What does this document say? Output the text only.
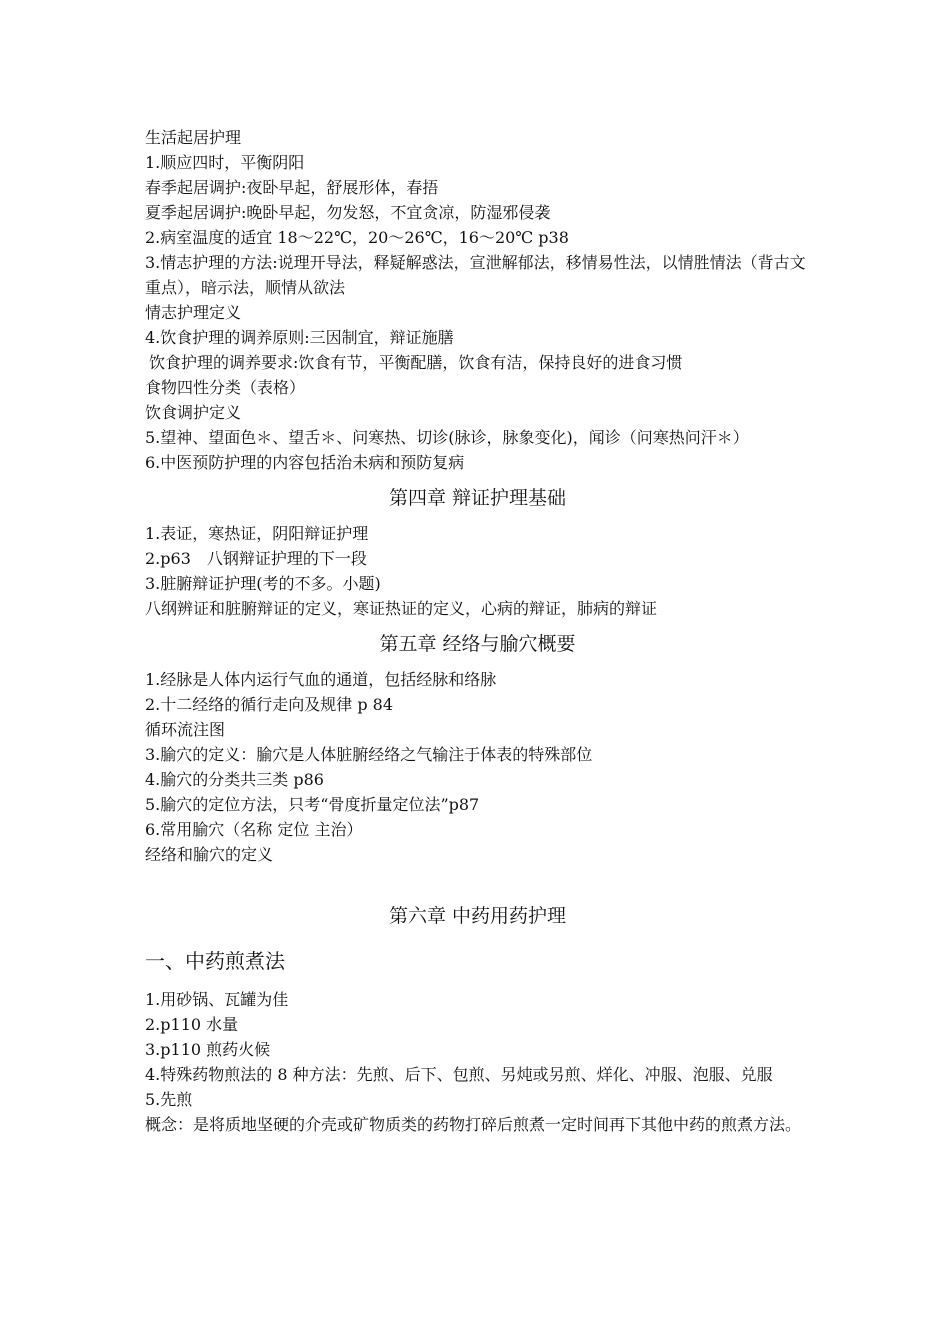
生活起居护理
1.顺应四时，平衡阴阳
春季起居调护:夜卧早起，舒展形体，春捂
夏季起居调护:晚卧早起，勿发怒，不宜贪凉，防湿邪侵袭
2.病室温度的适宜 18～22℃，20～26℃，16～20℃ p38
3.情志护理的方法:说理开导法，释疑解惑法，宣泄解郁法，移情易性法，以情胜情法（背古文重点），暗示法，顺情从欲法
情志护理定义
4.饮食护理的调养原则:三因制宜，辩证施膳
饮食护理的调养要求:饮食有节，平衡配膳，饮食有洁，保持良好的进食习惯
食物四性分类（表格）
饮食调护定义
5.望神、望面色＊、望舌＊、问寒热、切诊(脉诊，脉象变化)，闻诊（问寒热问汗＊）
6.中医预防护理的内容包括治未病和预防复病
第四章 辩证护理基础
1.表证，寒热证，阴阳辩证护理
2.p63　八钢辩证护理的下一段
3.脏腑辩证护理(考的不多。小题)
八纲辨证和脏腑辩证的定义，寒证热证的定义，心病的辩证，肺病的辩证
第五章 经络与腧穴概要
1.经脉是人体内运行气血的通道，包括经脉和络脉
2.十二经络的循行走向及规律 p 84
循环流注图
3.腧穴的定义：腧穴是人体脏腑经络之气输注于体表的特殊部位
4.腧穴的分类共三类 p86
5.腧穴的定位方法，只考“骨度折量定位法”p87
6.常用腧穴（名称 定位 主治）
经络和腧穴的定义
第六章 中药用药护理
一、中药煎煮法
1.用砂锅、瓦罐为佳
2.p110 水量
3.p110 煎药火候
4.特殊药物煎法的 8 种方法：先煎、后下、包煎、另炖或另煎、烊化、冲服、泡服、兑服
5.先煎
概念：是将质地坚硬的介壳或矿物质类的药物打碎后煎煮一定时间再下其他中药的煎煮方法。
